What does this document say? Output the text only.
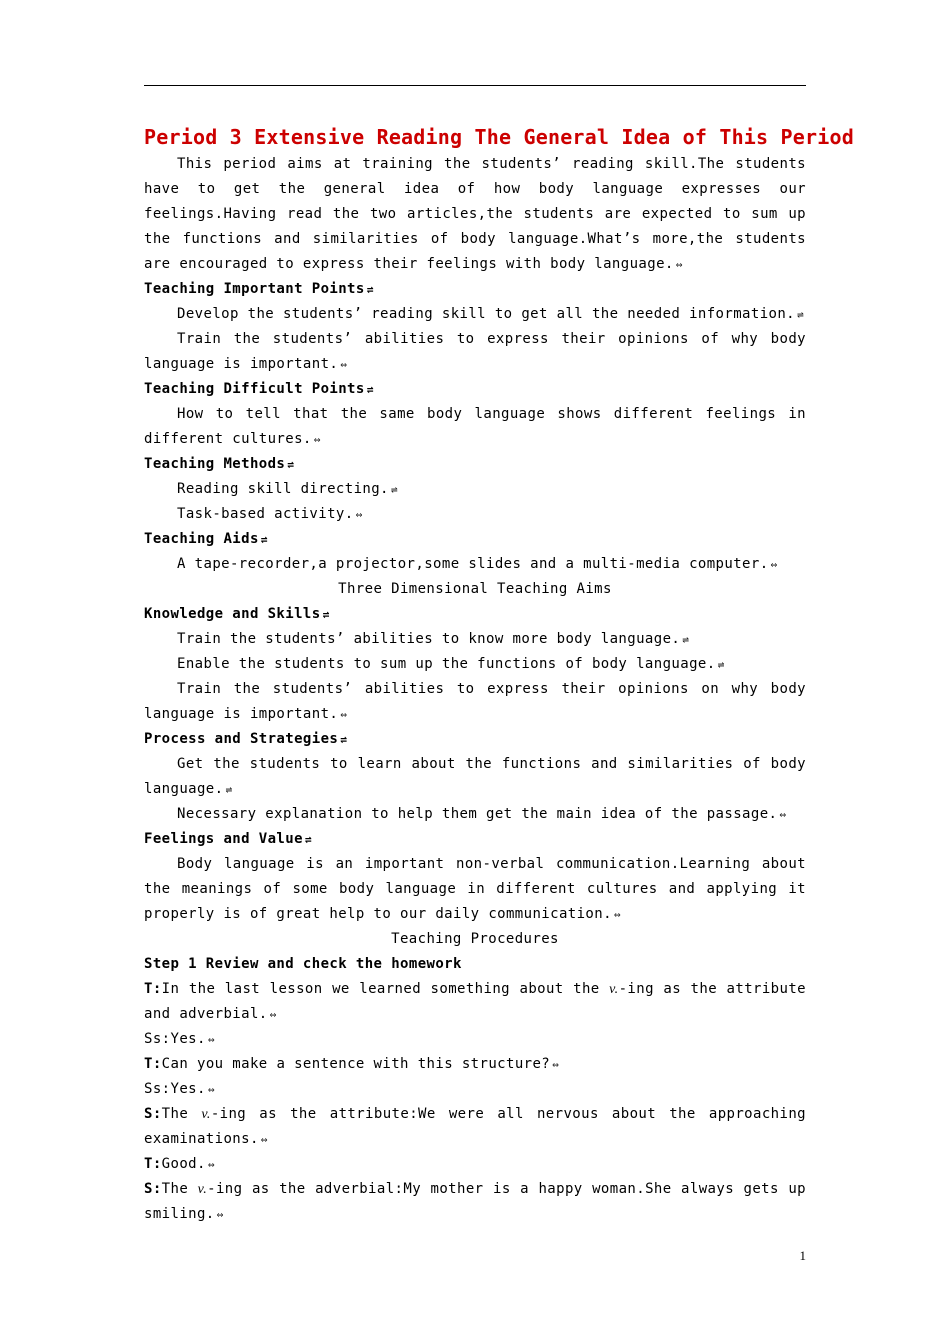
Period 3 Extensive Reading The General Idea of This Period

This period aims at training the students’ reading skill.The students have to get the general idea of how body language expresses our feelings.Having read the two articles,the students are expected to sum up the functions and similarities of body language.What’s more,the students are encouraged to express their feelings with body language. ⇔

Teaching Important Points ⇌

Develop the students’ reading skill to get all the needed information. ⇌

Train the students’ abilities to express their opinions of why body language is important. ⇔

Teaching Difficult Points ⇌

How to tell that the same body language shows different feelings in different cultures. ⇔

Teaching Methods ⇌

Reading skill directing. ⇌

Task-based activity. ⇔

Teaching Aids ⇌

A tape-recorder,a projector,some slides and a multi-media computer. ⇔

Three Dimensional Teaching Aims

Knowledge and Skills ⇌

Train the students’ abilities to know more body language. ⇌

Enable the students to sum up the functions of body language. ⇌

Train the students’ abilities to express their opinions on why body language is important. ⇔

Process and Strategies ⇌

Get the students to learn about the functions and similarities of body language. ⇌

Necessary explanation to help them get the main idea of the passage. ⇔

Feelings and Value ⇌

Body language is an important non-verbal communication.Learning about the meanings of some body language in different cultures and applying it properly is of great help to our daily communication. ⇔

Teaching Procedures

Step 1 Review and check the homework

T:In the last lesson we learned something about the v.-ing as the attribute and adverbial. ⇔

Ss:Yes. ⇔

T:Can you make a sentence with this structure? ⇔

Ss:Yes. ⇔

S:The v.-ing as the attribute:We were all nervous about the approaching examinations. ⇔

T:Good. ⇔

S:The v.-ing as the adverbial:My mother is a happy woman.She always gets up smiling. ⇔

1
